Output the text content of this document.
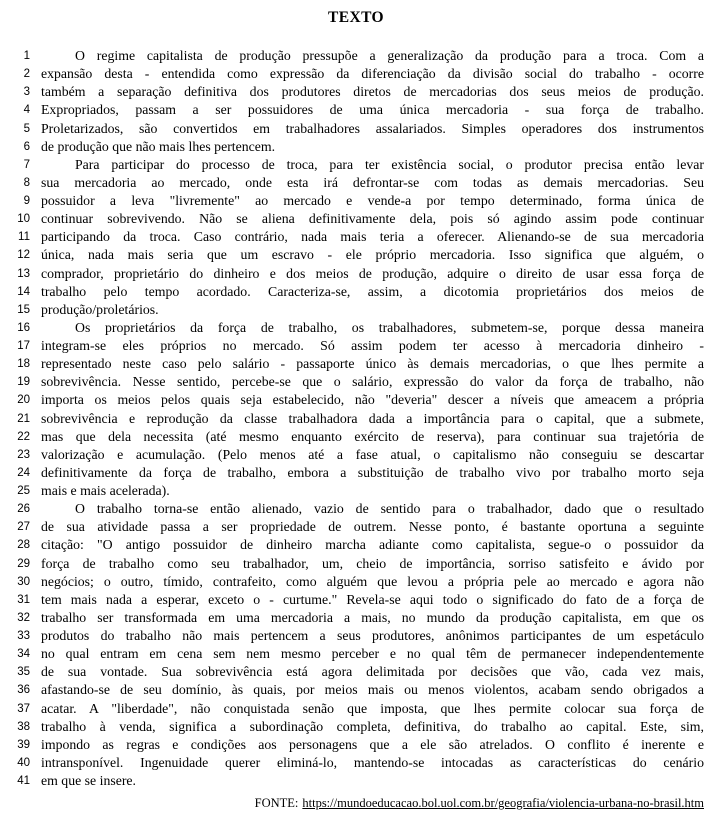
TEXTO
1	O regime capitalista de produção pressupõe a generalização da produção para a troca. Com a
2 expansão desta - entendida como expressão da diferenciação da divisão social do trabalho - ocorre
3 também a separação definitiva dos produtores diretos de mercadorias dos seus meios de produção.
4 Expropriados, passam a ser possuidores de uma única mercadoria - sua força de trabalho.
5 Proletarizados, são convertidos em trabalhadores assalariados. Simples operadores dos instrumentos
6 de produção que não mais lhes pertencem.
7	Para participar do processo de troca, para ter existência social, o produtor precisa então levar
8 sua mercadoria ao mercado, onde esta irá defrontar-se com todas as demais mercadorias. Seu
9 possuidor a leva "livremente" ao mercado e vende-a por tempo determinado, forma única de
10 continuar sobrevivendo. Não se aliena definitivamente dela, pois só agindo assim pode continuar
11 participando da troca. Caso contrário, nada mais teria a oferecer. Alienando-se de sua mercadoria
12 única, nada mais seria que um escravo - ele próprio mercadoria. Isso significa que alguém, o
13 comprador, proprietário do dinheiro e dos meios de produção, adquire o direito de usar essa força de
14 trabalho pelo tempo acordado. Caracteriza-se, assim, a dicotomia proprietários dos meios de
15 produção/proletários.
16	Os proprietários da força de trabalho, os trabalhadores, submetem-se, porque dessa maneira
17 integram-se eles próprios no mercado. Só assim podem ter acesso à mercadoria dinheiro -
18 representado neste caso pelo salário - passaporte único às demais mercadorias, o que lhes permite a
19 sobrevivência. Nesse sentido, percebe-se que o salário, expressão do valor da força de trabalho, não
20 importa os meios pelos quais seja estabelecido, não "deveria" descer a níveis que ameacem a própria
21 sobrevivência e reprodução da classe trabalhadora dada a importância para o capital, que a submete,
22 mas que dela necessita (até mesmo enquanto exército de reserva), para continuar sua trajetória de
23 valorização e acumulação. (Pelo menos até a fase atual, o capitalismo não conseguiu se descartar
24 definitivamente da força de trabalho, embora a substituição de trabalho vivo por trabalho morto seja
25 mais e mais acelerada).
26	O trabalho torna-se então alienado, vazio de sentido para o trabalhador, dado que o resultado
27 de sua atividade passa a ser propriedade de outrem. Nesse ponto, é bastante oportuna a seguinte
28 citação: "O antigo possuidor de dinheiro marcha adiante como capitalista, segue-o o possuidor da
29 força de trabalho como seu trabalhador, um, cheio de importância, sorriso satisfeito e ávido por
30 negócios; o outro, tímido, contrafeito, como alguém que levou a própria pele ao mercado e agora não
31 tem mais nada a esperar, exceto o - curtume." Revela-se aqui todo o significado do fato de a força de
32 trabalho ser transformada em uma mercadoria a mais, no mundo da produção capitalista, em que os
33 produtos do trabalho não mais pertencem a seus produtores, anônimos participantes de um espetáculo
34 no qual entram em cena sem nem mesmo perceber e no qual têm de permanecer independentemente
35 de sua vontade. Sua sobrevivência está agora delimitada por decisões que vão, cada vez mais,
36 afastando-se de seu domínio, às quais, por meios mais ou menos violentos, acabam sendo obrigados a
37 acatar. A "liberdade", não conquistada senão que imposta, que lhes permite colocar sua força de
38 trabalho à venda, significa a subordinação completa, definitiva, do trabalho ao capital. Este, sim,
39 impondo as regras e condições aos personagens que a ele são atrelados. O conflito é inerente e
40 intransponível. Ingenuidade querer eliminá-lo, mantendo-se intocadas as características do cenário
41 em que se insere.
FONTE: https://mundoeducacao.bol.uol.com.br/geografia/violencia-urbana-no-brasil.htm
